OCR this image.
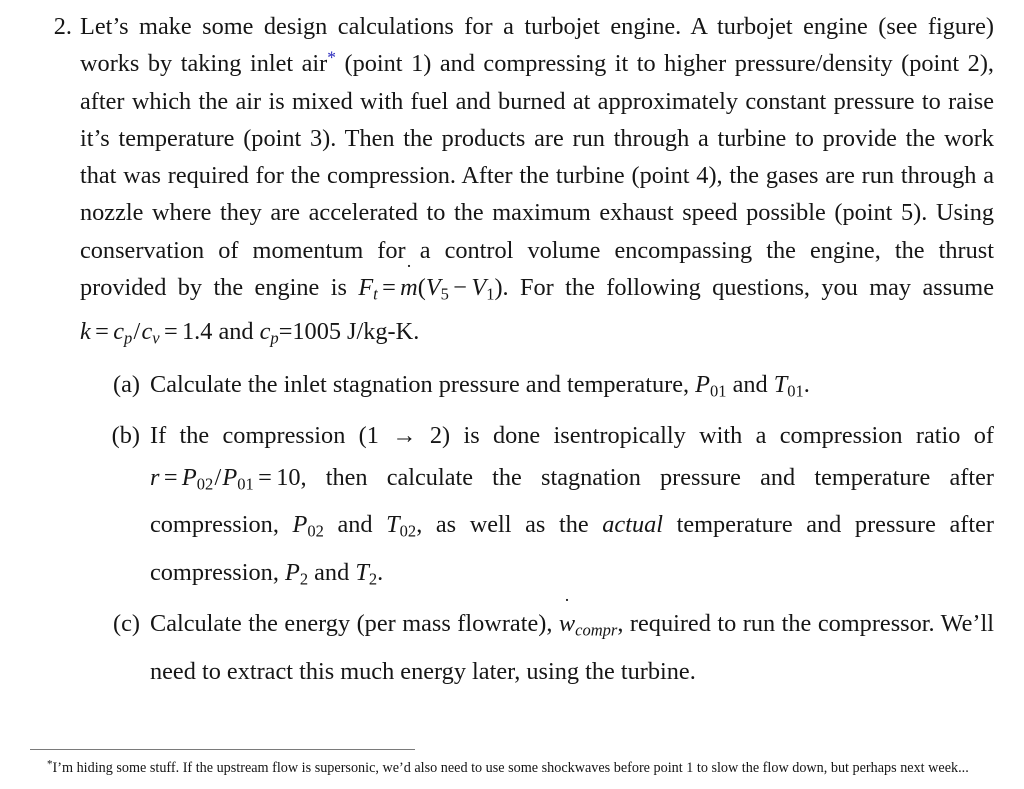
2. Let’s make some design calculations for a turbojet engine. A turbojet engine (see figure) works by taking inlet air* (point 1) and compressing it to higher pressure/density (point 2), after which the air is mixed with fuel and burned at approximately constant pressure to raise it’s temperature (point 3). Then the products are run through a turbine to provide the work that was required for the compression. After the turbine (point 4), the gases are run through a nozzle where they are accelerated to the maximum exhaust speed possible (point 5). Using conservation of momentum for a control volume encompassing the engine, the thrust provided by the engine is $F_t = m(V_5 - V_1)$. For the following questions, you may assume $k = c_p/c_v = 1.4$ and $c_p=1005$ J/kg-K.

(a) Calculate the inlet stagnation pressure and temperature, $P_{01}$ and $T_{01}$.
(b) If the compression (1 → 2) is done isentropically with a compression ratio of $r = P_{02}/P_{01} = 10$, then calculate the stagnation pressure and temperature after compression, $P_{02}$ and $T_{02}$, as well as the actual temperature and pressure after compression, $P_2$ and $T_2$.
(c) Calculate the energy (per mass flowrate),
$w_{compr}$, required to run the compressor. We’ll need to extract this much energy later, using the turbine.

*I’m hiding some stuff. If the upstream flow is supersonic, we’d also need to use some shockwaves before point 1 to slow the flow down, but perhaps next week...
